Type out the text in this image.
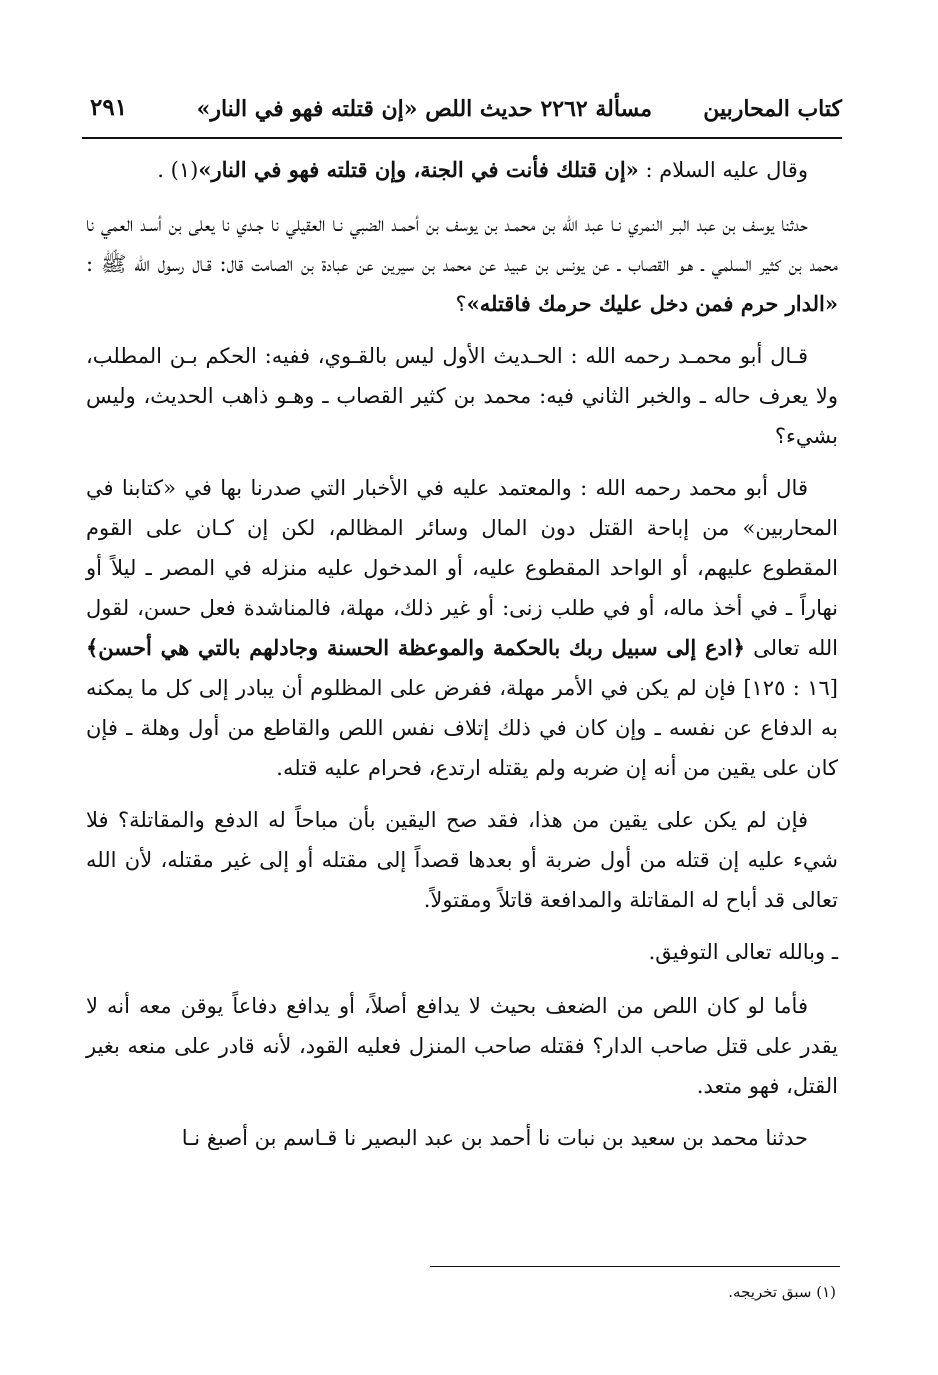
كتاب المحاربين
مسألة ٢٢٦٢ حديث اللص «إن قتلته فهو في النار»
٢٩١

وقال عليه السلام : «إن قتلك فأنت في الجنة، وإن قتلته فهو في النار»(١) .

حدثنا يوسف بن عبد البـر النمري نـا عبد الله بن محمـد بن يوسف بن أحمـد الضبي نـا العقيلي نا جـدي نا يعلى بن أسـد العمي نا محمد بن كثير السلمي ـ هـو القصاب ـ عن يونس بن عبيد عن محمد بن سيرين عن عبادة بن الصامت قال: قـال رسول الله ﷺ : «الدار حرم فمن دخل عليك حرمك فاقتله»؟

قـال أبو محمـد رحمه الله : الحـديث الأول ليس بالقـوي، ففيه: الحكم بـن المطلب، ولا يعرف حاله ـ والخبر الثاني فيه: محمد بن كثير القصاب ـ وهـو ذاهب الحديث، وليس بشيء؟

قال أبو محمد رحمه الله : والمعتمد عليه في الأخبار التي صدرنا بها في «كتابنا في المحاربين» من إباحة القتل دون المال وسائر المظالم، لكن إن كـان على القوم المقطوع عليهم، أو الواحد المقطوع عليه، أو المدخول عليه منزله في المصر ـ ليلاً أو نهاراً ـ في أخذ ماله، أو في طلب زنى: أو غير ذلك، مهلة، فالمناشدة فعل حسن، لقول الله تعالى ﴿ادع إلى سبيل ربك بالحكمة والموعظة الحسنة وجادلهم بالتي هي أحسن﴾ [١٦ : ١٢٥] فإن لم يكن في الأمر مهلة، ففرض على المظلوم أن يبادر إلى كل ما يمكنه به الدفاع عن نفسه ـ وإن كان في ذلك إتلاف نفس اللص والقاطع من أول وهلة ـ فإن كان على يقين من أنه إن ضربه ولم يقتله ارتدع، فحرام عليه قتله.

فإن لم يكن على يقين من هذا، فقد صح اليقين بأن مباحاً له الدفع والمقاتلة؟ فلا شيء عليه إن قتله من أول ضربة أو بعدها قصداً إلى مقتله أو إلى غير مقتله، لأن الله تعالى قد أباح له المقاتلة والمدافعة قاتلاً ومقتولاً.

ـ وبالله تعالى التوفيق.

فأما لو كان اللص من الضعف بحيث لا يدافع أصلاً، أو يدافع دفاعاً يوقن معه أنه لا يقدر على قتل صاحب الدار؟ فقتله صاحب المنزل فعليه القود، لأنه قادر على منعه بغير القتل، فهو متعد.

حدثنا محمد بن سعيد بن نبات نا أحمد بن عبد البصير نا قـاسم بن أصبغ نـا

(١) سبق تخريجه.
